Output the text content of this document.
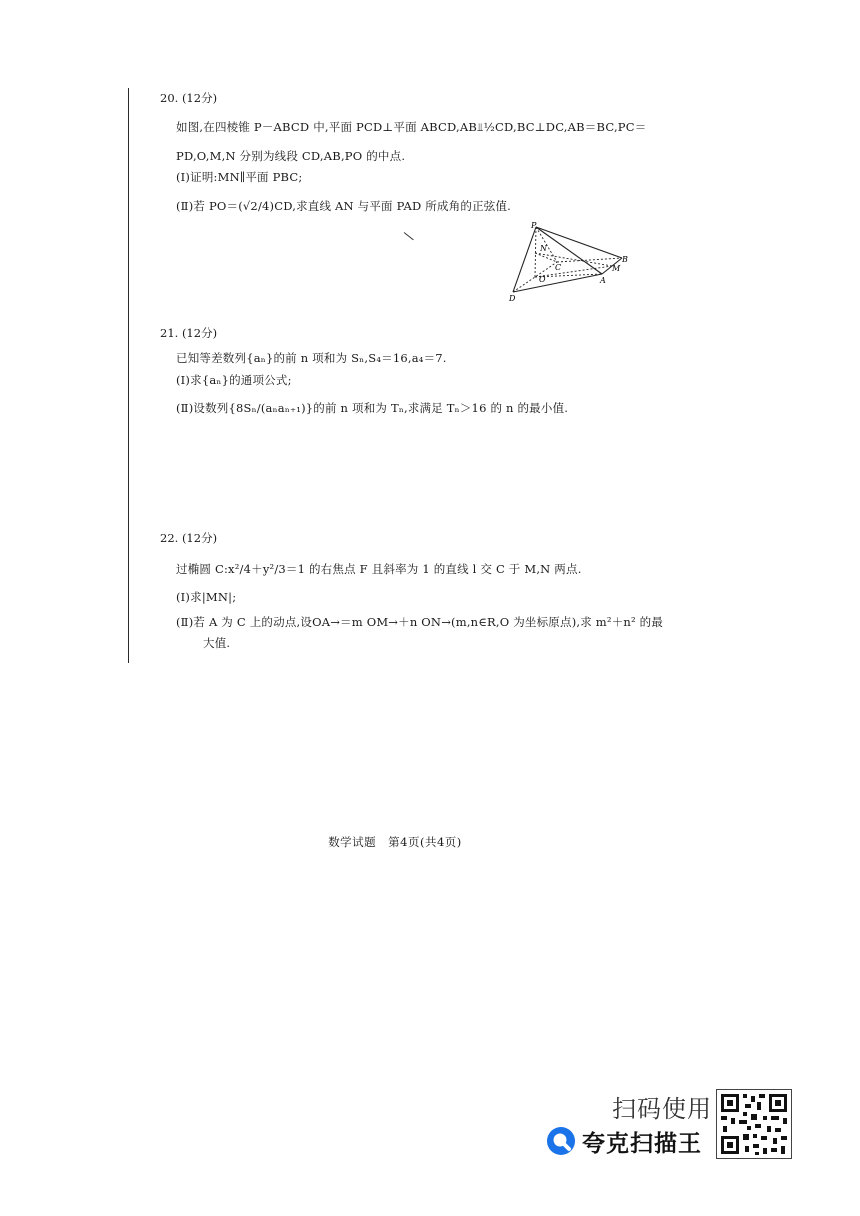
20. (12分)
如图,在四棱锥 P－ABCD 中,平面 PCD⊥平面 ABCD,AB⫫½CD,BC⊥DC,AB＝BC,PC＝
PD,O,M,N 分别为线段 CD,AB,PO 的中点.
(Ⅰ)证明:MN∥平面 PBC;
(Ⅱ)若 PO＝(√2/4)CD,求直线 AN 与平面 PAD 所成角的正弦值.
P
N
C
B
M
O	A
D
21. (12分)
已知等差数列{aₙ}的前 n 项和为 Sₙ,S₄＝16,a₄＝7.
(Ⅰ)求{aₙ}的通项公式;
(Ⅱ)设数列{8Sₙ/(aₙaₙ₊₁)}的前 n 项和为 Tₙ,求满足 Tₙ＞16 的 n 的最小值.
22. (12分)
过椭圆 C:x²/4＋y²/3＝1 的右焦点 F 且斜率为 1 的直线 l 交 C 于 M,N 两点.
(Ⅰ)求|MN|;
(Ⅱ)若 A 为 C 上的动点,设OA→＝m OM→＋n ON→(m,n∈R,O 为坐标原点),求 m²＋n² 的最
大值.
数学试题　第4页(共4页)
扫码使用
夸克扫描王
